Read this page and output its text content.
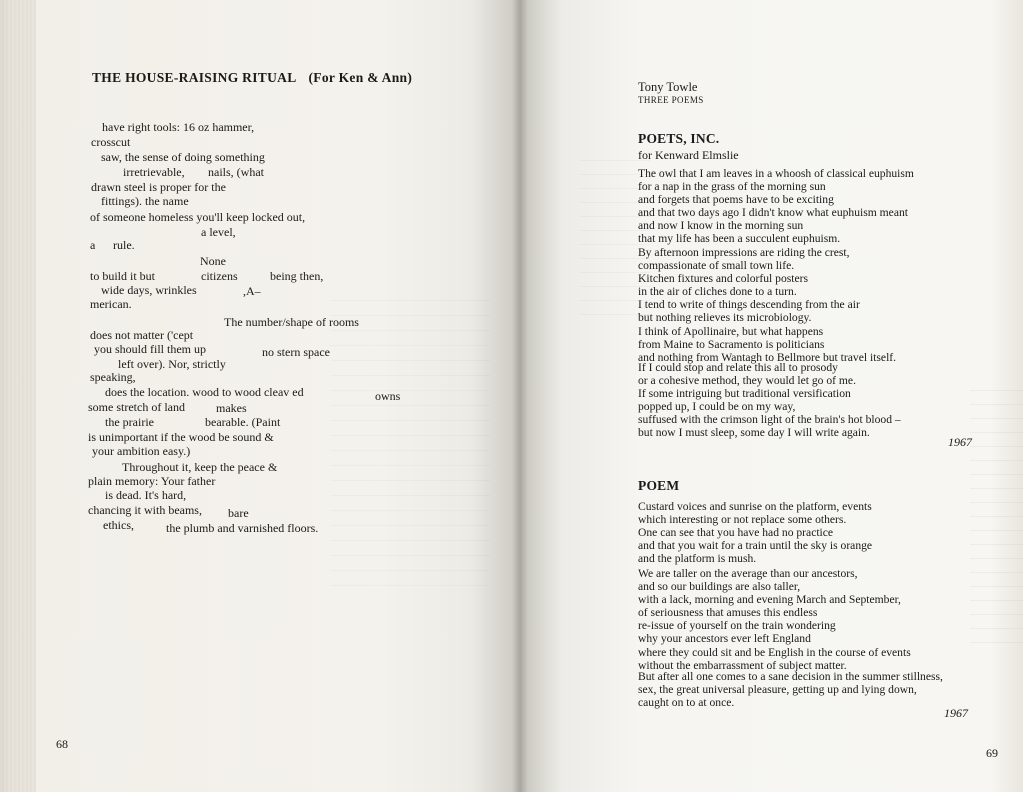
THE HOUSE-RAISING RITUAL (For Ken & Ann)
have right tools: 16 oz hammer,
crosscut
saw, the sense of doing something
irretrievable, nails, (what
drawn steel is proper for the
fittings). the name
of someone homeless you'll keep locked out,
a level,
a rule.
None
to build it but	citizens	being then,
wide days, wrinkles	,A–
merican.
The number/shape of rooms
does not matter ('cept
you should fill them up	no stern space
left over). Nor, strictly
speaking,
does the location. wood to wood cleav ed	owns
some stretch of land	makes
the prairie	bearable. (Paint
is unimportant if the wood be sound &
your ambition easy.)
Throughout it, keep the peace &
plain memory: Your father
is dead. It's hard,
chancing it with beams, bare
ethics,	the plumb and varnished floors.
68
Tony Towle
THREE POEMS
POETS, INC.
for Kenward Elmslie
The owl that I am leaves in a whoosh of classical euphuism
for a nap in the grass of the morning sun
and forgets that poems have to be exciting
and that two days ago I didn't know what euphuism meant
and now I know in the morning sun
that my life has been a succulent euphuism.
By afternoon impressions are riding the crest,
compassionate of small town life.
Kitchen fixtures and colorful posters
in the air of cliches done to a turn.
I tend to write of things descending from the air
but nothing relieves its microbiology.
I think of Apollinaire, but what happens
from Maine to Sacramento is politicians
and nothing from Wantagh to Bellmore but travel itself.
If I could stop and relate this all to prosody
or a cohesive method, they would let go of me.
If some intriguing but traditional versification
popped up, I could be on my way,
suffused with the crimson light of the brain's hot blood –
but now I must sleep, some day I will write again.
1967
POEM
Custard voices and sunrise on the platform, events
which interesting or not replace some others.
One can see that you have had no practice
and that you wait for a train until the sky is orange
and the platform is mush.
We are taller on the average than our ancestors,
and so our buildings are also taller,
with a lack, morning and evening March and September,
of seriousness that amuses this endless
re-issue of yourself on the train wondering
why your ancestors ever left England
where they could sit and be English in the course of events
without the embarrassment of subject matter.
But after all one comes to a sane decision in the summer stillness,
sex, the great universal pleasure, getting up and lying down,
caught on to at once.
1967
69
